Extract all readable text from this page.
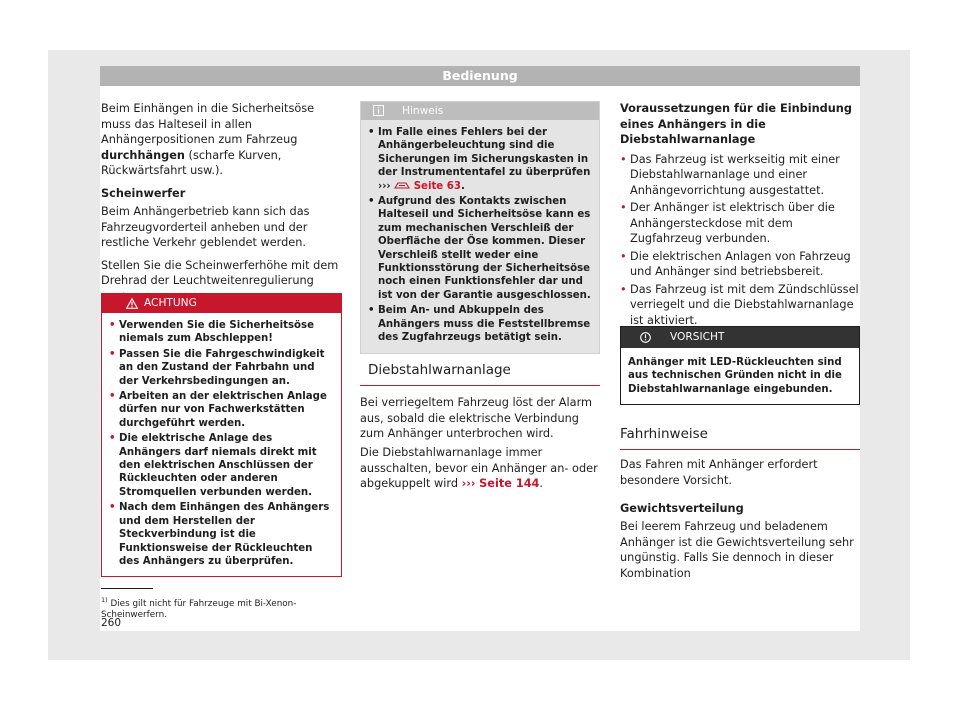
Bedienung

Beim Einhängen in die Sicherheitsöse muss das Halteseil in allen Anhängerpositionen zum Fahrzeug durchhängen (scharfe Kurven, Rückwärtsfahrt usw.).

Scheinwerfer

Beim Anhängerbetrieb kann sich das Fahrzeugvorderteil anheben und der restliche Verkehr geblendet werden.

Stellen Sie die Scheinwerferhöhe mit dem Drehrad der Leuchtweitenregulierung

ACHTUNG
• Verwenden Sie die Sicherheitsöse niemals zum Abschleppen!
• Passen Sie die Fahrgeschwindigkeit an den Zustand der Fahrbahn und der Verkehrsbedingungen an.
• Arbeiten an der elektrischen Anlage dürfen nur von Fachwerkstätten durchgeführt werden.
• Die elektrische Anlage des Anhängers darf niemals direkt mit den elektrischen Anschlüssen der Rückleuchten oder anderen Stromquellen verbunden werden.
• Nach dem Einhängen des Anhängers und dem Herstellen der Steckverbindung ist die Funktionsweise der Rückleuchten des Anhängers zu überprüfen.
Hinweis
• Im Falle eines Fehlers bei der Anhängerbeleuchtung sind die Sicherungen im Sicherungskasten in der Instrumententafel zu überprüfen ››› Seite 63.
• Aufgrund des Kontakts zwischen Halteseil und Sicherheitsöse kann es zum mechanischen Verschleiß der Oberfläche der Öse kommen. Dieser Verschleiß stellt weder eine Funktionsstörung der Sicherheitsöse noch einen Funktionsfehler dar und ist von der Garantie ausgeschlossen.
• Beim An- und Abkuppeln des Anhängers muss die Feststellbremse des Zugfahrzeugs betätigt sein.
Diebstahlwarnanlage

Bei verriegeltem Fahrzeug löst der Alarm aus, sobald die elektrische Verbindung zum Anhänger unterbrochen wird.

Die Diebstahlwarnanlage immer ausschalten, bevor ein Anhänger an- oder abgekuppelt wird ››› Seite 144.

Voraussetzungen für die Einbindung eines Anhängers in die Diebstahlwarnanlage

• Das Fahrzeug ist werkseitig mit einer Diebstahlwarnanlage und einer Anhängevorrichtung ausgestattet.
• Der Anhänger ist elektrisch über die Anhängersteckdose mit dem Zugfahrzeug verbunden.
• Die elektrischen Anlagen von Fahrzeug und Anhänger sind betriebsbereit.
• Das Fahrzeug ist mit dem Zündschlüssel verriegelt und die Diebstahlwarnanlage ist aktiviert.
VORSICHT
Anhänger mit LED-Rückleuchten sind aus technischen Gründen nicht in die Diebstahlwarnanlage eingebunden.
Fahrhinweise

Das Fahren mit Anhänger erfordert besondere Vorsicht.

Gewichtsverteilung

Bei leerem Fahrzeug und beladenem Anhänger ist die Gewichtsverteilung sehr ungünstig. Falls Sie dennoch in dieser Kombination

$^{1)}$ Dies gilt nicht für Fahrzeuge mit Bi-Xenon-Scheinwerfern.
260
